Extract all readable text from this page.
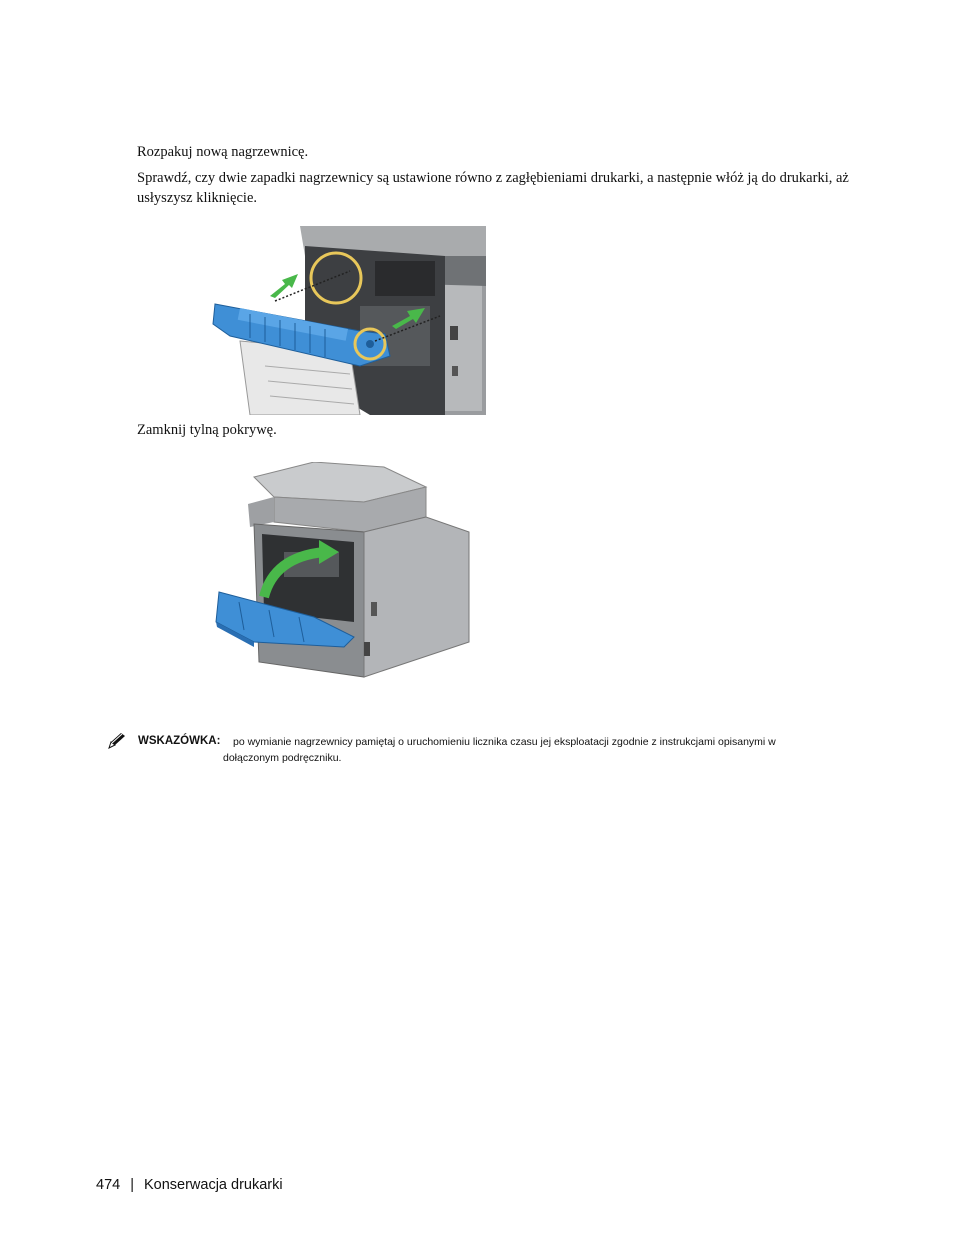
Rozpakuj nową nagrzewnicę.

Sprawdź, czy dwie zapadki nagrzewnicy są ustawione równo z zagłębieniami drukarki, a następnie włóż ją do drukarki, aż usłyszysz kliknięcie.

Zamknij tylną pokrywę.

WSKAZÓWKA: po wymianie nagrzewnicy pamiętaj o uruchomieniu licznika czasu jej eksploatacji zgodnie z instrukcjami opisanymi w
dołączonym podręczniku.
474 | Konserwacja drukarki
